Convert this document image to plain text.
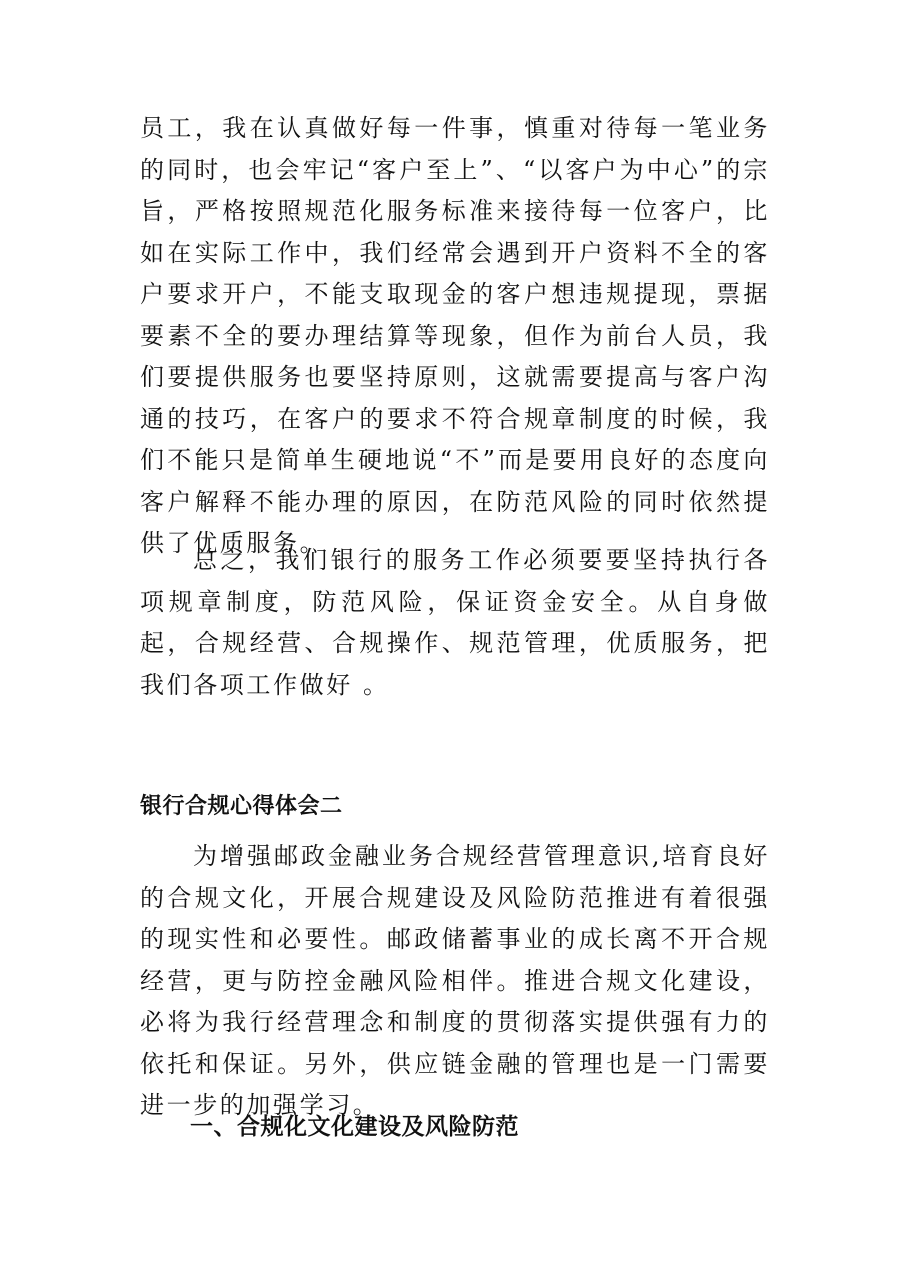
员工，我在认真做好每一件事，慎重对待每一笔业务的同时，也会牢记“客户至上”、“以客户为中心”的宗旨，严格按照规范化服务标准来接待每一位客户，比如在实际工作中，我们经常会遇到开户资料不全的客户要求开户，不能支取现金的客户想违规提现，票据要素不全的要办理结算等现象，但作为前台人员，我们要提供服务也要坚持原则，这就需要提高与客户沟通的技巧，在客户的要求不符合规章制度的时候，我们不能只是简单生硬地说“不”而是要用良好的态度向客户解释不能办理的原因，在防范风险的同时依然提供了优质服务。

总之，我们银行的服务工作必须要要坚持执行各项规章制度，防范风险，保证资金安全。从自身做起，合规经营、合规操作、规范管理，优质服务，把我们各项工作做好 。

银行合规心得体会二

为增强邮政金融业务合规经营管理意识,培育良好的合规文化，开展合规建设及风险防范推进有着很强的现实性和必要性。邮政储蓄事业的成长离不开合规经营，更与防控金融风险相伴。推进合规文化建设，必将为我行经营理念和制度的贯彻落实提供强有力的依托和保证。另外，供应链金融的管理也是一门需要进一步的加强学习。

一、合规化文化建设及风险防范
